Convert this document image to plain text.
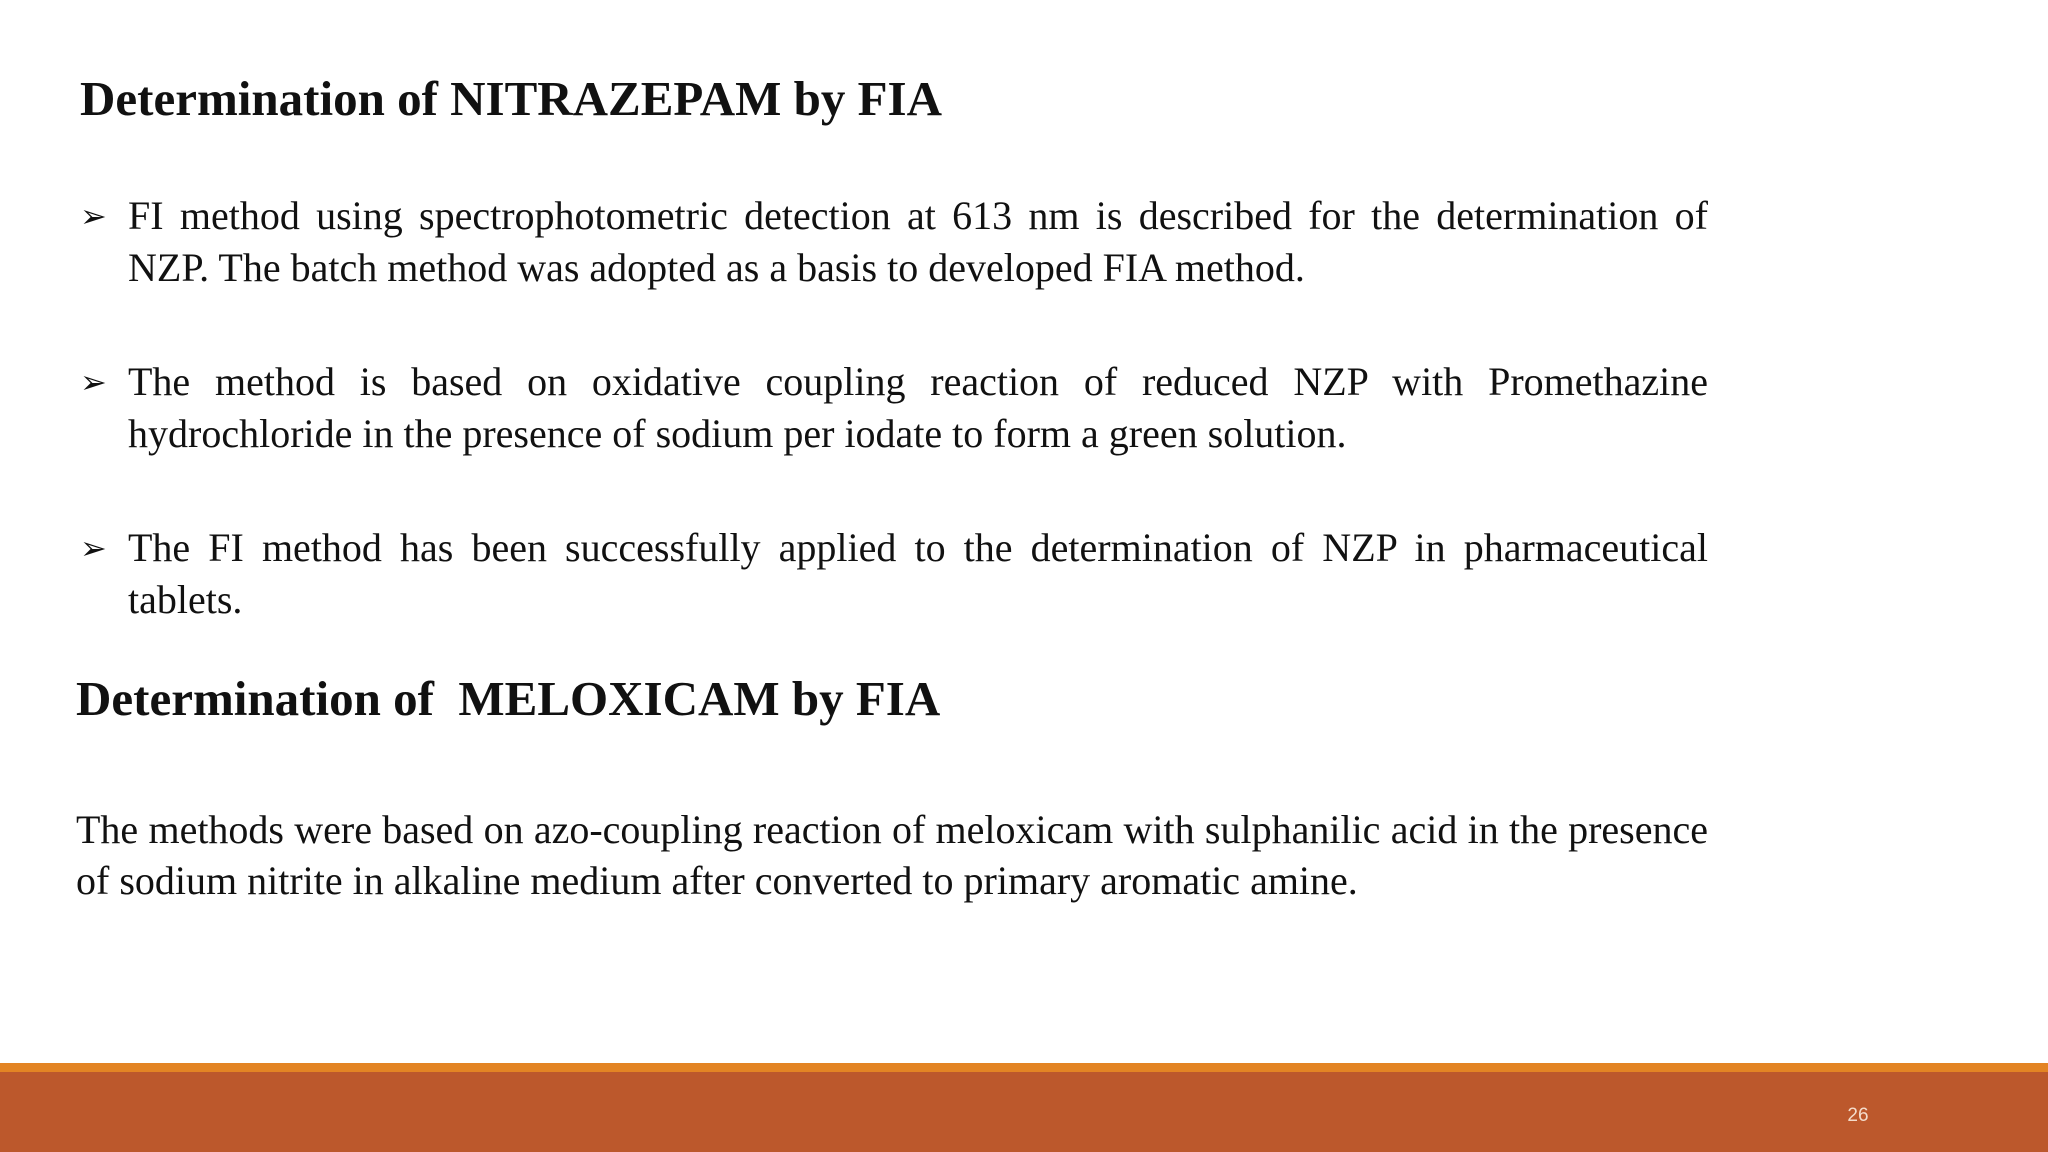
Determination of NITRAZEPAM by FIA
➢ FI method using spectrophotometric detection at 613 nm is described for the determination of NZP. The batch method was adopted as a basis to developed FIA method.
➢ The method is based on oxidative coupling reaction of reduced NZP with Promethazine hydrochloride in the presence of sodium per iodate to form a green solution.
➢ The FI method has been successfully applied to the determination of NZP in pharmaceutical tablets.
Determination of  MELOXICAM by FIA

The methods were based on azo-coupling reaction of meloxicam with sulphanilic acid in the presence of sodium nitrite in alkaline medium after converted to primary aromatic amine.

26
